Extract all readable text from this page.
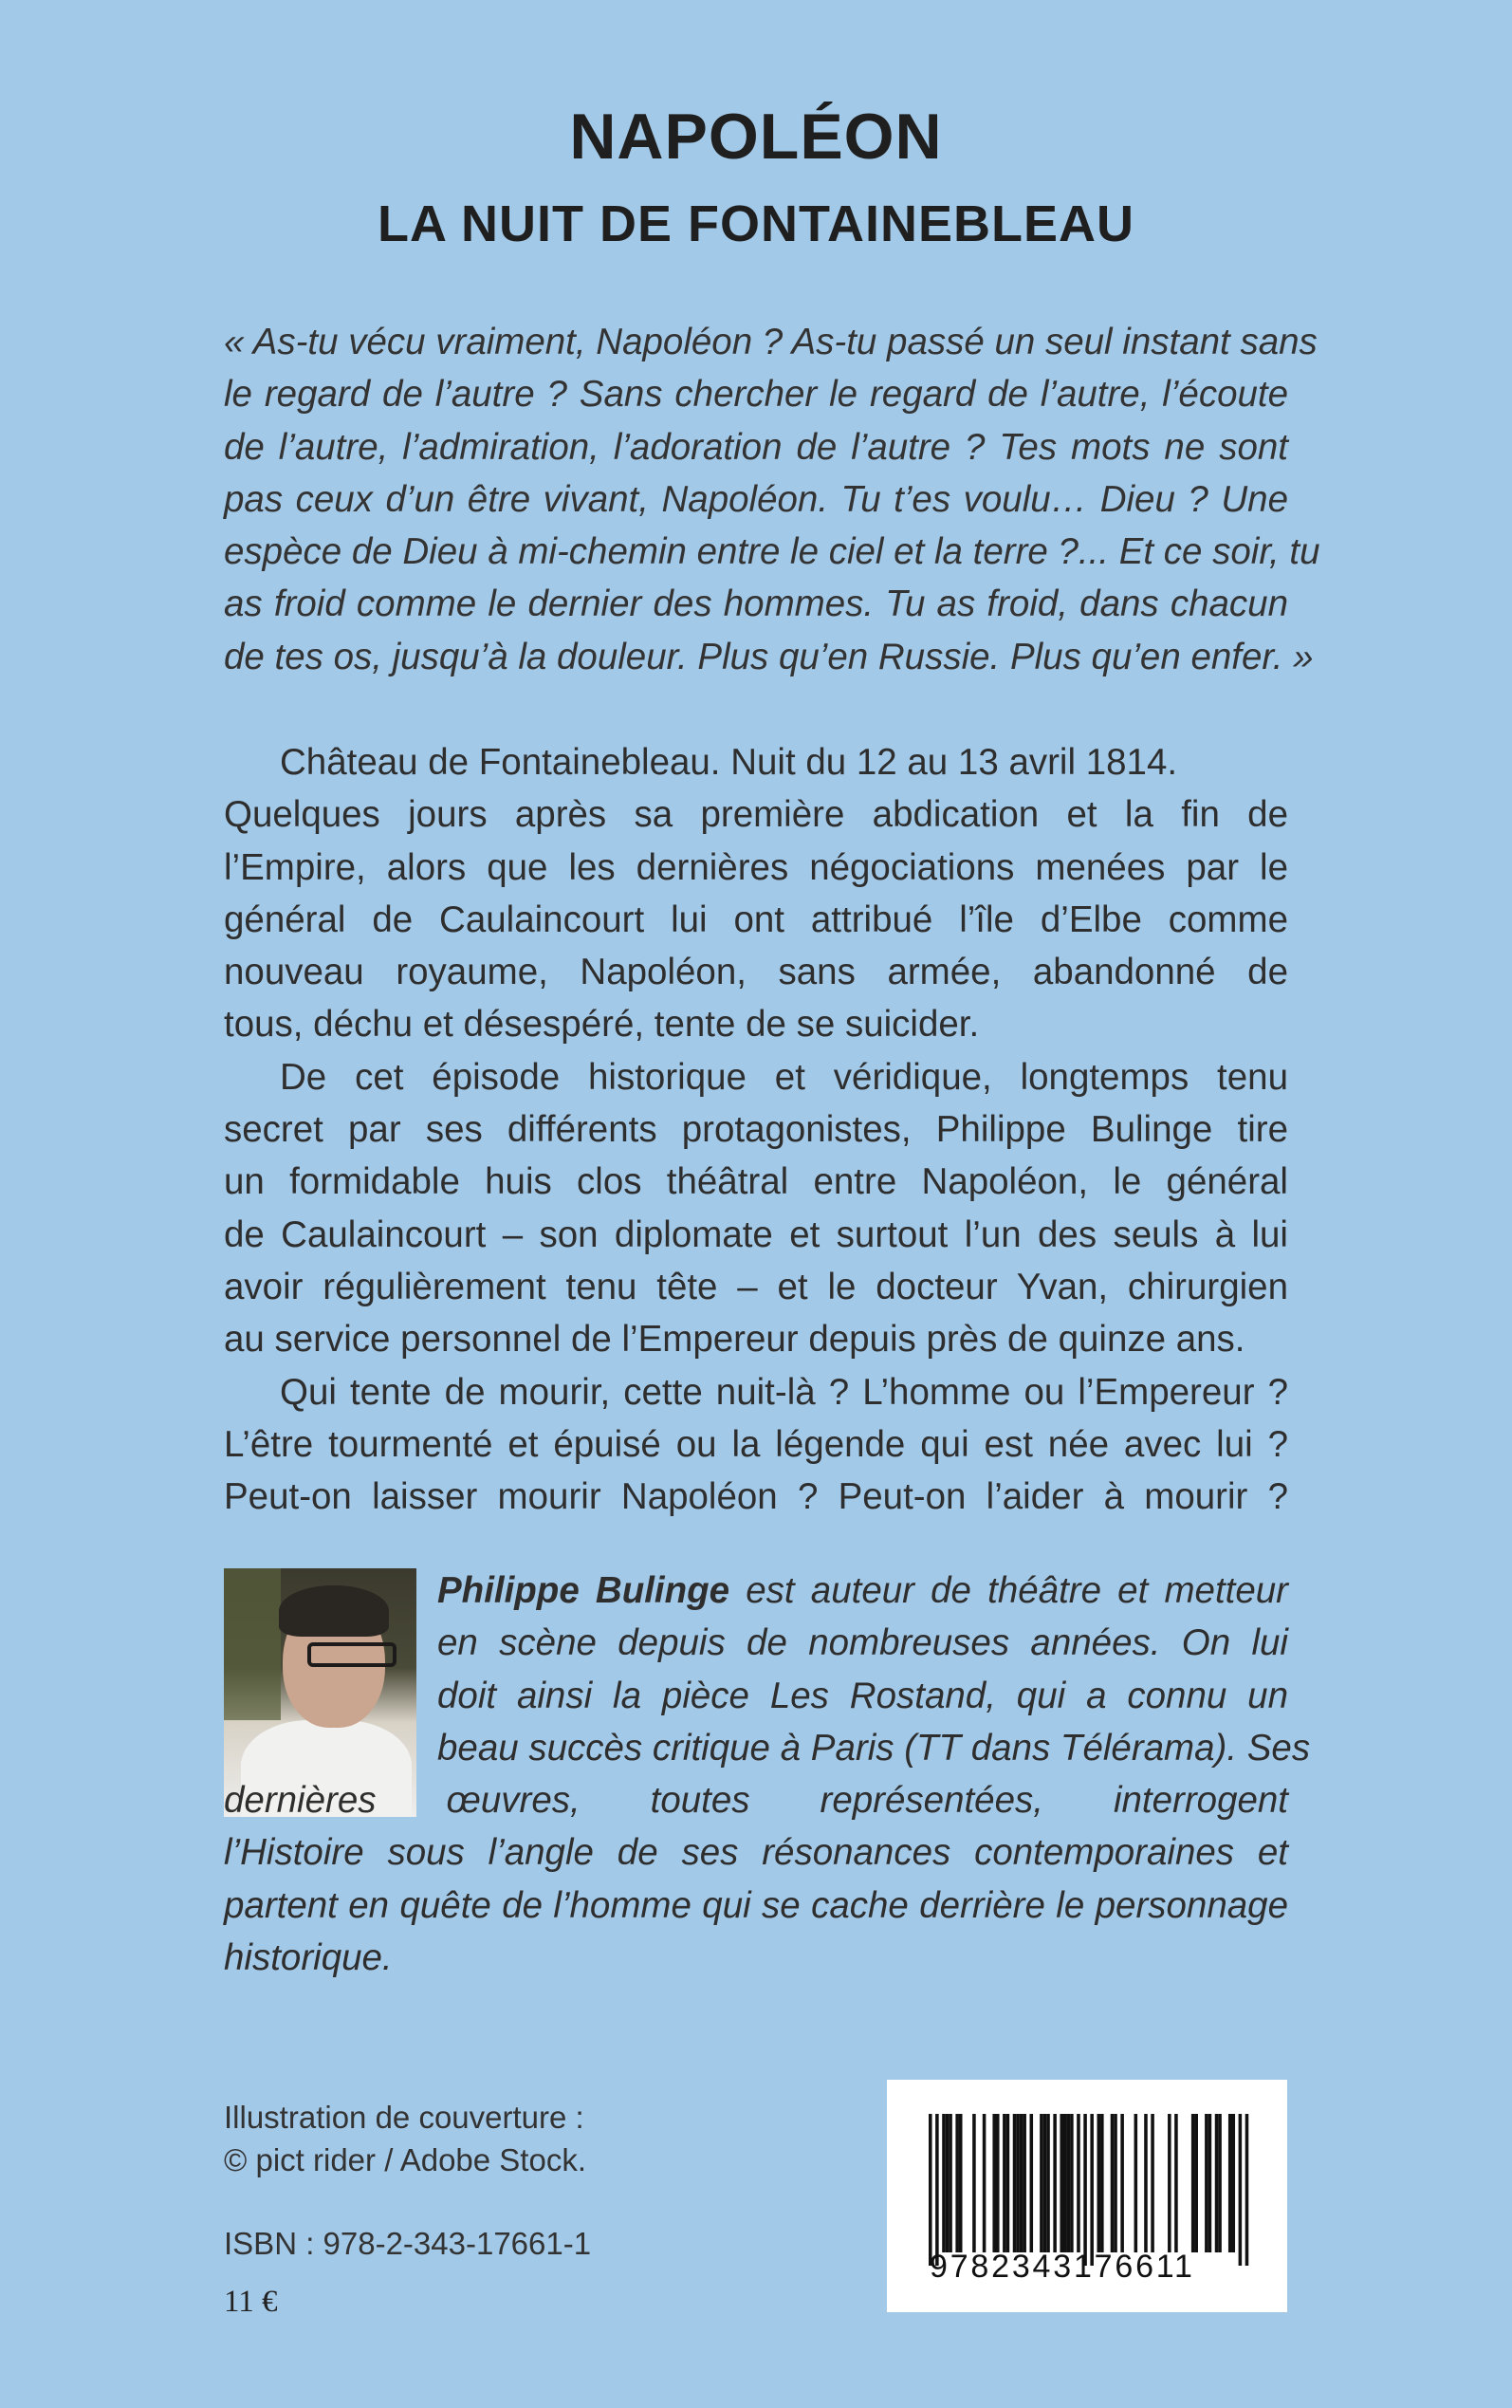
NAPOLÉON
LA NUIT DE FONTAINEBLEAU

« As-tu vécu vraiment, Napoléon ? As-tu passé un seul instant sans
le regard de l’autre ? Sans chercher le regard de l’autre, l’écoute
de l’autre, l’admiration, l’adoration de l’autre ? Tes mots ne sont
pas ceux d’un être vivant, Napoléon. Tu t’es voulu… Dieu ? Une
espèce de Dieu à mi-chemin entre le ciel et la terre ?... Et ce soir, tu
as froid comme le dernier des hommes. Tu as froid, dans chacun
de tes os, jusqu’à la douleur. Plus qu’en Russie. Plus qu’en enfer. »

Château de Fontainebleau. Nuit du 12 au 13 avril 1814.
Quelques jours après sa première abdication et la fin de
l’Empire, alors que les dernières négociations menées par le
général de Caulaincourt lui ont attribué l’île d’Elbe comme
nouveau royaume, Napoléon, sans armée, abandonné de
tous, déchu et désespéré, tente de se suicider.
De cet épisode historique et véridique, longtemps tenu
secret par ses différents protagonistes, Philippe Bulinge tire
un formidable huis clos théâtral entre Napoléon, le général
de Caulaincourt – son diplomate et surtout l’un des seuls à lui
avoir régulièrement tenu tête – et le docteur Yvan, chirurgien
au service personnel de l’Empereur depuis près de quinze ans.
Qui tente de mourir, cette nuit-là ? L’homme ou l’Empereur ?
L’être tourmenté et épuisé ou la légende qui est née avec lui ?
Peut-on laisser mourir Napoléon ? Peut-on l’aider à mourir ?

Philippe Bulinge est auteur de théâtre et metteur
en scène depuis de nombreuses années. On lui
doit ainsi la pièce Les Rostand, qui a connu un
beau succès critique à Paris (TT dans Télérama). Ses
dernières œuvres, toutes représentées, interrogent
l’Histoire sous l’angle de ses résonances contemporaines et
partent en quête de l’homme qui se cache derrière le personnage
historique.

Illustration de couverture :
© pict rider / Adobe Stock.
ISBN : 978-2-343-17661-1
11 €
9782343176611
